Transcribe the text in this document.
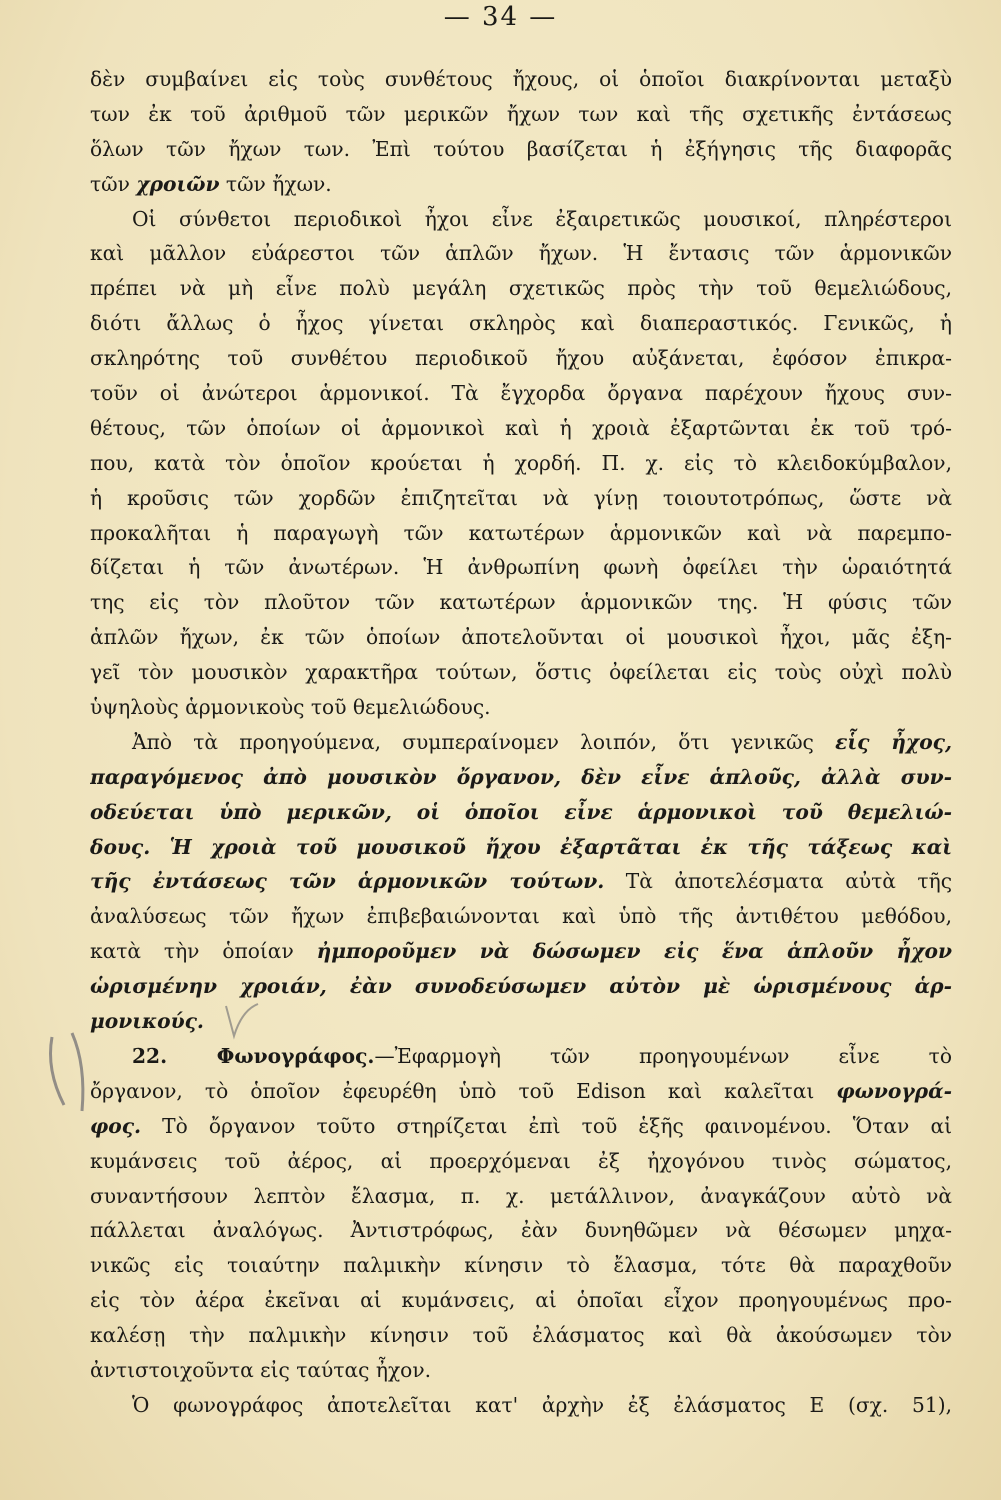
— 34 —
δὲν συμβαίνει εἰς τοὺς συνθέτους ἤχους, οἱ ὁποῖοι διακρίνονται μεταξὺ
των ἐκ τοῦ ἀριθμοῦ τῶν μερικῶν ἤχων των καὶ τῆς σχετικῆς ἐντάσεως
ὅλων τῶν ἤχων των. Ἐπὶ τούτου βασίζεται ἡ ἐξήγησις τῆς διαφορᾶς
τῶν χροιῶν τῶν ἤχων.
Οἱ σύνθετοι περιοδικοὶ ἦχοι εἶνε ἐξαιρετικῶς μουσικοί, πληρέστεροι
καὶ μᾶλλον εὐάρεστοι τῶν ἁπλῶν ἤχων. Ἡ ἔντασις τῶν ἁρμονικῶν
πρέπει νὰ μὴ εἶνε πολὺ μεγάλη σχετικῶς πρὸς τὴν τοῦ θεμελιώδους,
διότι ἄλλως ὁ ἦχος γίνεται σκληρὸς καὶ διαπεραστικός. Γενικῶς, ἡ
σκληρότης τοῦ συνθέτου περιοδικοῦ ἤχου αὐξάνεται, ἐφόσον ἐπικρα-
τοῦν οἱ ἀνώτεροι ἁρμονικοί. Τὰ ἔγχορδα ὄργανα παρέχουν ἤχους συν-
θέτους, τῶν ὁποίων οἱ ἁρμονικοὶ καὶ ἡ χροιὰ ἐξαρτῶνται ἐκ τοῦ τρό-
που, κατὰ τὸν ὁποῖον κρούεται ἡ χορδή. Π. χ. εἰς τὸ κλειδοκύμβαλον,
ἡ κροῦσις τῶν χορδῶν ἐπιζητεῖται νὰ γίνῃ τοιουτοτρόπως, ὥστε νὰ
προκαλῆται ἡ παραγωγὴ τῶν κατωτέρων ἁρμονικῶν καὶ νὰ παρεμπο-
δίζεται ἡ τῶν ἀνωτέρων. Ἡ ἀνθρωπίνη φωνὴ ὀφείλει τὴν ὡραιότητά
της εἰς τὸν πλοῦτον τῶν κατωτέρων ἁρμονικῶν της. Ἡ φύσις τῶν
ἁπλῶν ἤχων, ἐκ τῶν ὁποίων ἀποτελοῦνται οἱ μουσικοὶ ἦχοι, μᾶς ἐξη-
γεῖ τὸν μουσικὸν χαρακτῆρα τούτων, ὅστις ὀφείλεται εἰς τοὺς οὐχὶ πολὺ
ὑψηλοὺς ἁρμονικοὺς τοῦ θεμελιώδους.
Ἀπὸ τὰ προηγούμενα, συμπεραίνομεν λοιπόν, ὅτι γενικῶς εἷς ἦχος,
παραγόμενος ἀπὸ μουσικὸν ὄργανον, δὲν εἶνε ἁπλοῦς, ἀλλὰ συν-
οδεύεται ὑπὸ μερικῶν, οἱ ὁποῖοι εἶνε ἁρμονικοὶ τοῦ θεμελιώ-
δους. Ἡ χροιὰ τοῦ μουσικοῦ ἤχου ἐξαρτᾶται ἐκ τῆς τάξεως καὶ
τῆς ἐντάσεως τῶν ἁρμονικῶν τούτων. Τὰ ἀποτελέσματα αὐτὰ τῆς
ἀναλύσεως τῶν ἤχων ἐπιβεβαιώνονται καὶ ὑπὸ τῆς ἀντιθέτου μεθόδου,
κατὰ τὴν ὁποίαν ἠμποροῦμεν νὰ δώσωμεν εἰς ἕνα ἁπλοῦν ἦχον
ὡρισμένην χροιάν, ἐὰν συνοδεύσωμεν αὐτὸν μὲ ὡρισμένους ἁρ-
μονικούς.
22. Φωνογράφος.—Ἐφαρμογὴ τῶν προηγουμένων εἶνε τὸ
ὄργανον, τὸ ὁποῖον ἐφευρέθη ὑπὸ τοῦ Edison καὶ καλεῖται φωνογρά-
φος. Τὸ ὄργανον τοῦτο στηρίζεται ἐπὶ τοῦ ἑξῆς φαινομένου. Ὅταν αἱ
κυμάνσεις τοῦ ἀέρος, αἱ προερχόμεναι ἐξ ἠχογόνου τινὸς σώματος,
συναντήσουν λεπτὸν ἔλασμα, π. χ. μετάλλινον, ἀναγκάζουν αὐτὸ νὰ
πάλλεται ἀναλόγως. Ἀντιστρόφως, ἐὰν δυνηθῶμεν νὰ θέσωμεν μηχα-
νικῶς εἰς τοιαύτην παλμικὴν κίνησιν τὸ ἔλασμα, τότε θὰ παραχθοῦν
εἰς τὸν ἀέρα ἐκεῖναι αἱ κυμάνσεις, αἱ ὁποῖαι εἶχον προηγουμένως προ-
καλέσῃ τὴν παλμικὴν κίνησιν τοῦ ἐλάσματος καὶ θὰ ἀκούσωμεν τὸν
ἀντιστοιχοῦντα εἰς ταύτας ἦχον.
Ὁ φωνογράφος ἀποτελεῖται κατ' ἀρχὴν ἐξ ἐλάσματος Ε (σχ. 51),
